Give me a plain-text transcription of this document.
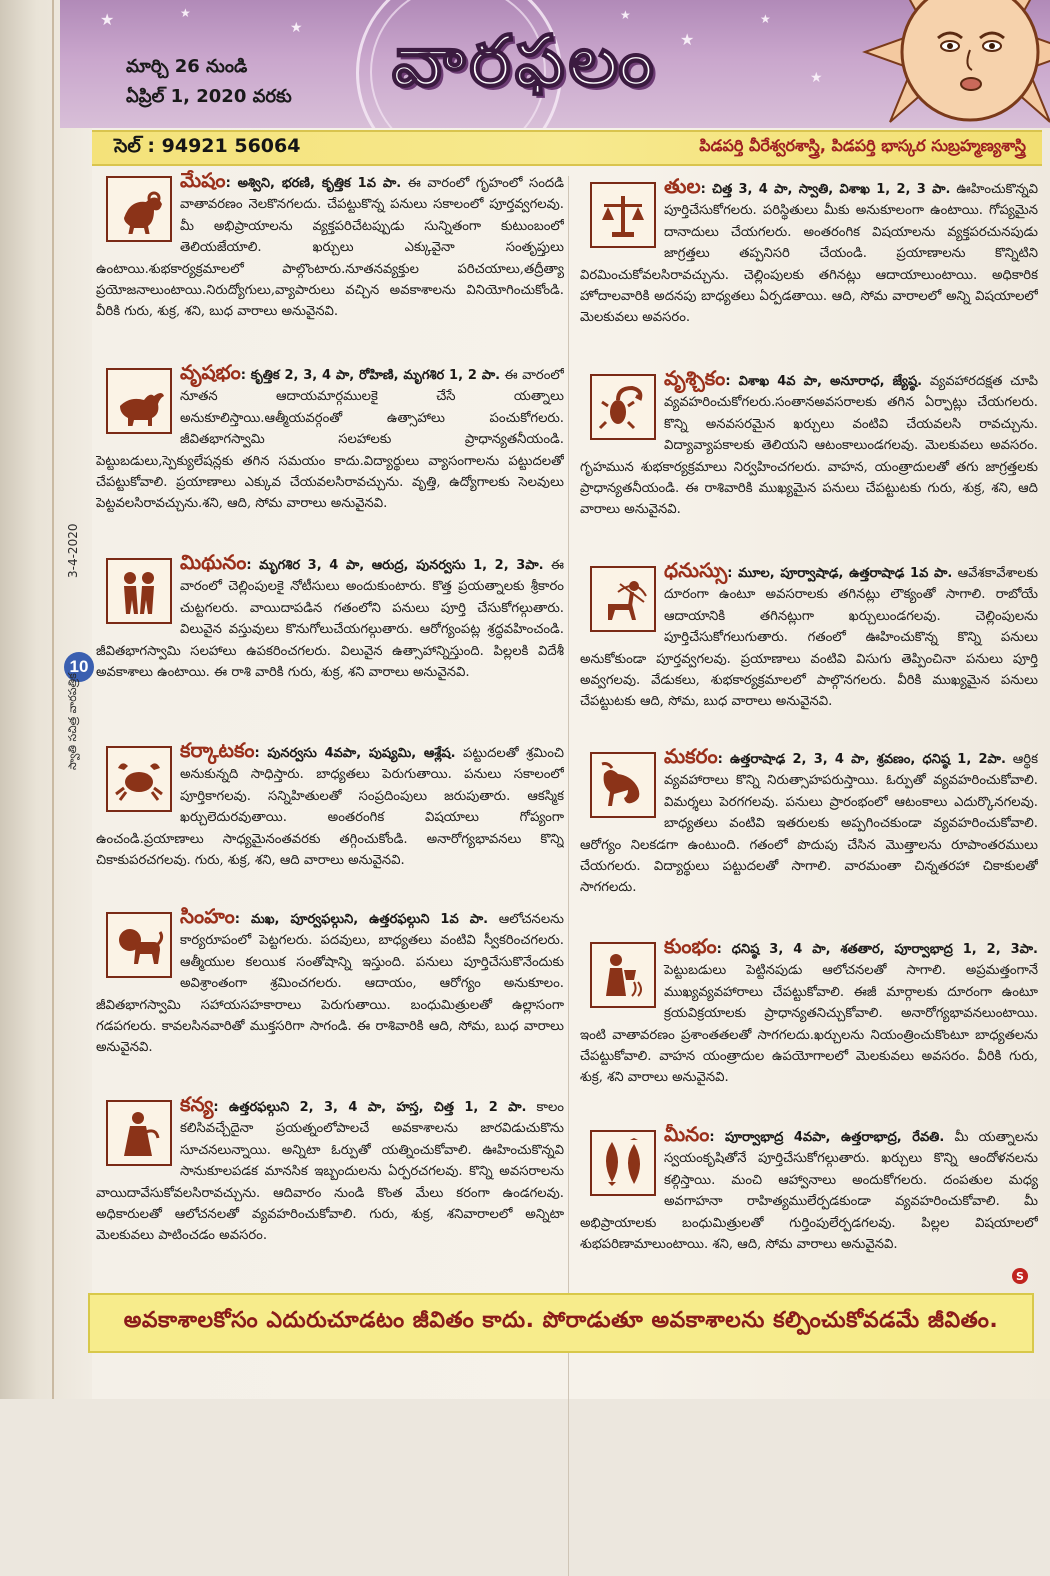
3-4-2020
10
స్వాతి సచిత్ర వారపత్రిక
★	★
★
★
★
★
★
మార్చి 26 నుండి
ఏప్రిల్ 1, 2020 వరకు వారఫలం
సెల్ : 94921 56064	పిడపర్తి వీరేశ్వరశాస్త్రి, పిడపర్తి భాస్కర సుబ్రహ్మణ్యశాస్త్రి
మేషం: అశ్విని, భరణి, కృత్తిక 1వ పా. ఈ వారంలో గృహంలో సందడి వాతావరణం నెలకొనగలదు. చేపట్టుకొన్న పనులు సకాలంలో పూర్తవ్వగలవు. మీ అభిప్రాయాలను వ్యక్తపరిచేటప్పుడు సున్నితంగా కుటుంబంలో తెలియజేయాలి. ఖర్చులు ఎక్కువైనా సంతృప్తులు ఉంటాయి.శుభకార్యక్రమాలలో పాల్గొంటారు.నూతనవ్యక్తుల పరిచయాలు,తద్రీత్యా ప్రయోజనాలుంటాయి.నిరుద్యోగులు,వ్యాపారులు వచ్చిన అవకాశాలను వినియోగించుకోండి. వీరికి గురు, శుక్ర, శని, బుధ వారాలు అనువైనవి.
వృషభం: కృత్తిక 2, 3, 4 పా, రోహిణి, మృగశిర 1, 2 పా. ఈ వారంలో నూతన ఆదాయమార్గములకై చేసే యత్నాలు అనుకూలిస్తాయి.ఆత్మీయవర్గంతో ఉత్సాహాలు పంచుకోగలరు. జీవితభాగస్వామి సలహాలకు ప్రాధాన్యతనీయండి. పెట్టుబడులు,స్పెక్యులేషన్లకు తగిన సమయం కాదు.విద్యార్థులు వ్యాసంగాలను పట్టుదలతో చేపట్టుకోవాలి. ప్రయాణాలు ఎక్కువ చేయవలసిరావచ్చును. వృత్తి, ఉద్యోగాలకు సెలవులు పెట్టవలసిరావచ్చును.శని, ఆది, సోమ వారాలు అనువైనవి.
మిథునం: మృగశిర 3, 4 పా, ఆరుద్ర, పునర్వసు 1, 2, 3పా. ఈ వారంలో చెల్లింపులకై నోటీసులు అందుకుంటారు. కొత్త ప్రయత్నాలకు శ్రీకారం చుట్టగలరు. వాయిదాపడిన గతంలోని పనులు పూర్తి చేసుకోగల్గుతారు. విలువైన వస్తువులు కొనుగోలుచేయగల్గుతారు. ఆరోగ్యంపట్ల శ్రద్ధవహించండి. జీవితభాగస్వామి సలహాలు ఉపకరించగలరు. విలువైన ఉత్సాహాన్నిస్తుంది. పిల్లలకి విదేశీ అవకాశాలు ఉంటాయి. ఈ రాశి వారికి గురు, శుక్ర, శని వారాలు అనువైనవి.
కర్కాటకం: పునర్వసు 4వపా, పుష్యమి, ఆశ్లేష. పట్టుదలతో శ్రమించి అనుకున్నది సాధిస్తారు. బాధ్యతలు పెరుగుతాయి. పనులు సకాలంలో పూర్తికాగలవు. సన్నిహితులతో సంప్రదింపులు జరుపుతారు. ఆకస్మిక ఖర్చులెదురవుతాయి. అంతరంగిక విషయాలు గోప్యంగా ఉంచండి.ప్రయాణాలు సాధ్యమైనంతవరకు తగ్గించుకోండి. అనారోగ్యభావనలు కొన్ని చికాకుపరచగలవు. గురు, శుక్ర, శని, ఆది వారాలు అనువైనవి.
సింహం: మఖ, పూర్వఫల్గుని, ఉత్తరఫల్గుని 1వ పా. ఆలోచనలను కార్యరూపంలో పెట్టగలరు. పదవులు, బాధ్యతలు వంటివి స్వీకరించగలరు. ఆత్మీయుల కలయిక సంతోషాన్ని ఇస్తుంది. పనులు పూర్తిచేసుకొనేందుకు అవిశ్రాంతంగా శ్రమించగలరు. ఆదాయం, ఆరోగ్యం అనుకూలం. జీవితభాగస్వామి సహాయసహకారాలు పెరుగుతాయి. బంధుమిత్రులతో ఉల్లాసంగా గడపగలరు. కావలసినవారితో ముక్తసరిగా సాగండి. ఈ రాశివారికి ఆది, సోమ, బుధ వారాలు అనువైనవి.
కన్య: ఉత్తరఫల్గుని 2, 3, 4 పా, హస్త, చిత్త 1, 2 పా. కాలం కలిసివచ్చేదైనా ప్రయత్నంలోపాలచే అవకాశాలను జారవిడుచుకొను సూచనలున్నాయి. అన్నిటా ఓర్పుతో యత్నించుకోవాలి. ఊహించుకొన్నవి సానుకూలపడక మానసిక ఇబ్బందులను ఏర్పరచగలవు. కొన్ని అవసరాలను వాయిదావేసుకోవలసిరావచ్చును. ఆదివారం నుండి కొంత మేలు కరంగా ఉండగలవు. అధికారులతో ఆలోచనలతో వ్యవహరించుకోవాలి. గురు, శుక్ర, శనివారాలలో అన్నిటా మెలకువలు పాటించడం అవసరం.
తుల: చిత్త 3, 4 పా, స్వాతి, విశాఖ 1, 2, 3 పా. ఊహించుకొన్నవి పూర్తిచేసుకోగలరు. పరిస్థితులు మీకు అనుకూలంగా ఉంటాయి. గోప్యమైన దానాదులు చేయగలరు. అంతరంగిక విషయాలను వ్యక్తపరచునపుడు జాగ్రత్తలు తప్పనిసరి చేయండి. ప్రయాణాలను కొన్నిటిని విరమించుకోవలసిరావచ్చును. చెల్లింపులకు తగినట్లు ఆదాయాలుంటాయి. అధికారిక హోదాలవారికి అదనపు బాధ్యతలు ఏర్పడతాయి. ఆది, సోమ వారాలలో అన్ని విషయాలలో మెలకువలు అవసరం.
వృశ్చికం: విశాఖ 4వ పా, అనూరాధ, జ్యేష్ఠ. వ్యవహారదక్షత చూపి వ్యవహరించుకోగలరు.సంతానఅవసరాలకు తగిన ఏర్పాట్లు చేయగలరు. కొన్ని అనవసరమైన ఖర్చులు వంటివి చేయవలసి రావచ్చును. విద్యావ్యాపకాలకు తెలియని ఆటంకాలుండగలవు. మెలకువలు అవసరం. గృహమున శుభకార్యక్రమాలు నిర్వహించగలరు. వాహన, యంత్రాదులతో తగు జాగ్రత్తలకు ప్రాధాన్యతనీయండి. ఈ రాశివారికి ముఖ్యమైన పనులు చేపట్టుటకు గురు, శుక్ర, శని, ఆది వారాలు అనువైనవి.
ధనుస్సు: మూల, పూర్వాషాఢ, ఉత్తరాషాఢ 1వ పా. ఆవేశకావేశాలకు దూరంగా ఉంటూ అవసరాలకు తగినట్లు లౌక్యంతో సాగాలి. రాబోయే ఆదాయానికి తగినట్లుగా ఖర్చులుండగలవు. చెల్లింపులను పూర్తిచేసుకోగలుగుతారు. గతంలో ఊహించుకొన్న కొన్ని పనులు అనుకోకుండా పూర్తవ్వగలవు. ప్రయాణాలు వంటివి విసుగు తెప్పించినా పనులు పూర్తి అవ్వగలవు. వేడుకలు, శుభకార్యక్రమాలలో పాల్గొనగలరు. వీరికి ముఖ్యమైన పనులు చేపట్టుటకు ఆది, సోమ, బుధ వారాలు అనువైనవి.
మకరం: ఉత్తరాషాఢ 2, 3, 4 పా, శ్రవణం, ధనిష్ఠ 1, 2పా. ఆర్థిక వ్యవహారాలు కొన్ని నిరుత్సాహపరుస్తాయి. ఓర్పుతో వ్యవహరించుకోవాలి. విమర్శలు పెరగగలవు. పనులు ప్రారంభంలో ఆటంకాలు ఎదుర్కొనగలవు. బాధ్యతలు వంటివి ఇతరులకు అప్పగించకుండా వ్యవహరించుకోవాలి. ఆరోగ్యం నిలకడగా ఉంటుంది. గతంలో పొదుపు చేసిన మొత్తాలను రూపాంతరములు చేయగలరు. విద్యార్థులు పట్టుదలతో సాగాలి. వారమంతా చిన్నతరహా చికాకులతో సాగగలదు.
కుంభం: ధనిష్ఠ 3, 4 పా, శతతార, పూర్వాభాద్ర 1, 2, 3పా. పెట్టుబడులు పెట్టినపుడు ఆలోచనలతో సాగాలి. అప్రమత్తంగానే ముఖ్యవ్యవహారాలు చేపట్టుకోవాలి. ఈజీ మార్గాలకు దూరంగా ఉంటూ క్రయవిక్రయాలకు ప్రాధాన్యతనిచ్చుకోవాలి. అనారోగ్యభావనలుంటాయి. ఇంటి వాతావరణం ప్రశాంతతలతో సాగగలదు.ఖర్చులను నియంత్రించుకొంటూ బాధ్యతలను చేపట్టుకోవాలి. వాహన యంత్రాదుల ఉపయోగాలలో మెలకువలు అవసరం. వీరికి గురు, శుక్ర, శని వారాలు అనువైనవి.
మీనం: పూర్వాభాద్ర 4వపా, ఉత్తరాభాద్ర, రేవతి. మీ యత్నాలను స్వయంకృషితోనే పూర్తిచేసుకోగల్గుతారు. ఖర్చులు కొన్ని ఆందోళనలను కల్గిస్తాయి. మంచి ఆహ్వానాలు అందుకోగలరు. దంపతుల మధ్య అవగాహనా రాహిత్యములేర్పడకుండా వ్యవహరించుకోవాలి. మీ అభిప్రాయాలకు బంధుమిత్రులతో గుర్తింపులేర్పడగలవు. పిల్లల విషయాలలో శుభపరిణామాలుంటాయి. శని, ఆది, సోమ వారాలు అనువైనవి.
S
అవకాశాలకోసం ఎదురుచూడటం జీవితం కాదు. పోరాడుతూ అవకాశాలను కల్పించుకోవడమే జీవితం.
